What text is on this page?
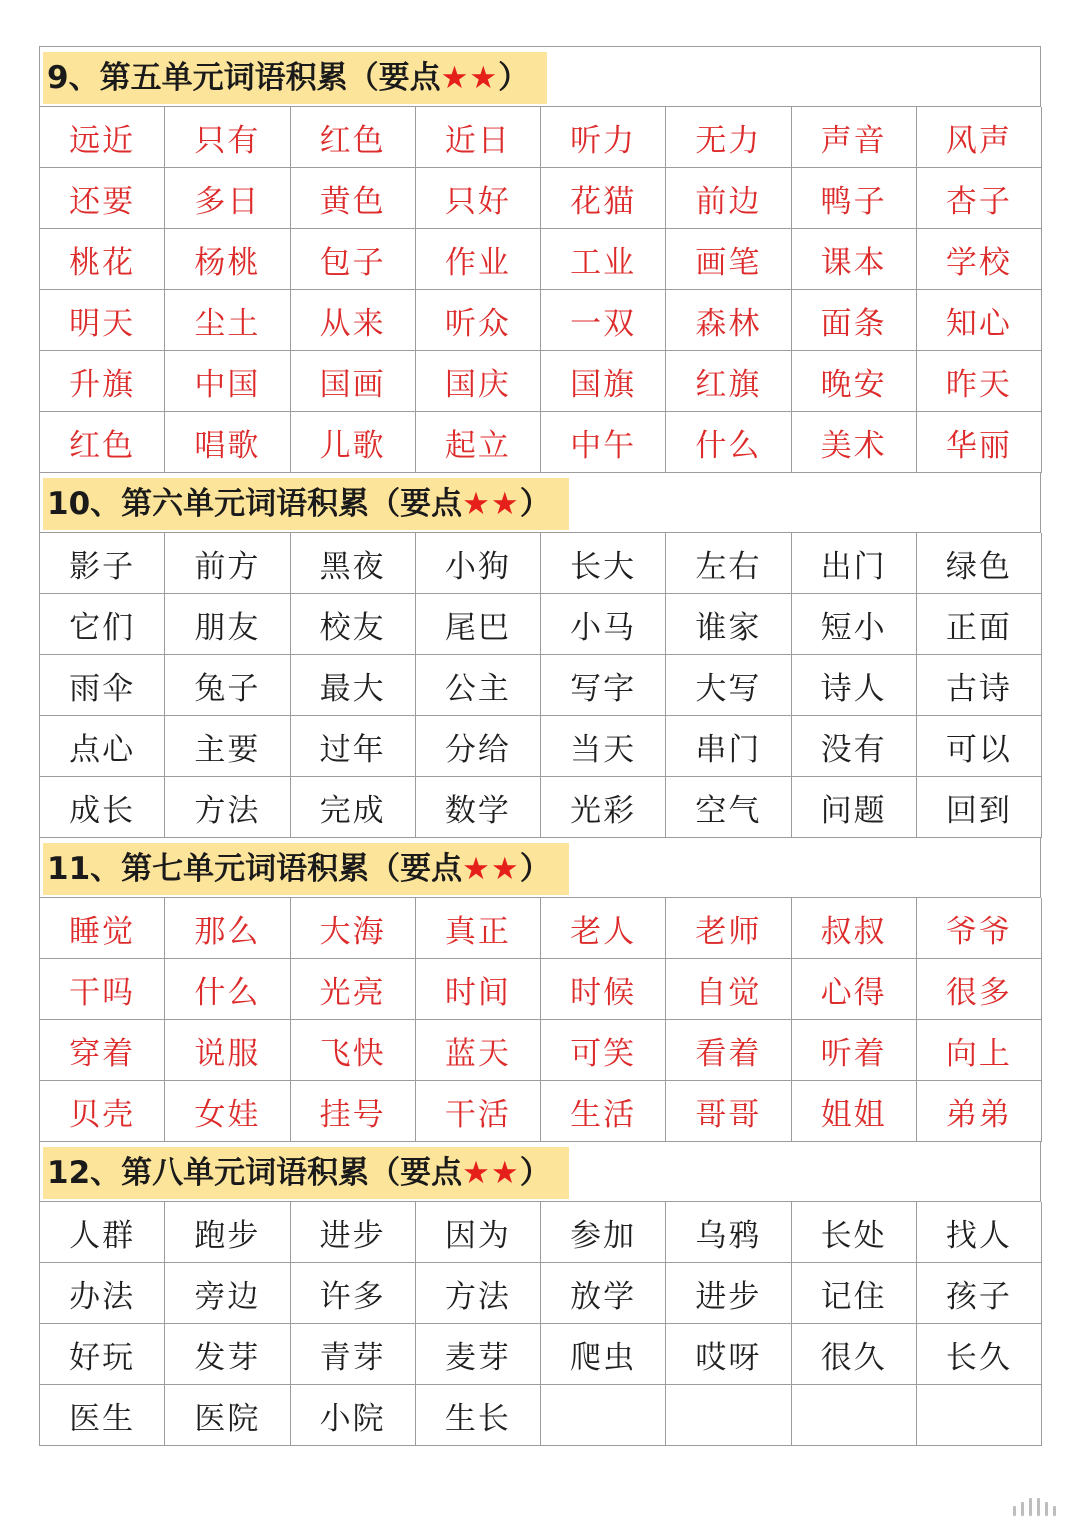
9、第五单元词语积累（要点★★）
远近	只有	红色	近日	听力	无力	声音	风声
还要	多日	黄色	只好	花猫	前边	鸭子	杏子
桃花	杨桃	包子	作业	工业	画笔	课本	学校
明天	尘土	从来	听众	一双	森林	面条	知心
升旗	中国	国画	国庆	国旗	红旗	晚安	昨天
红色	唱歌	儿歌	起立	中午	什么	美术	华丽
10、第六单元词语积累（要点★★）
影子	前方	黑夜	小狗	长大	左右	出门	绿色
它们	朋友	校友	尾巴	小马	谁家	短小	正面
雨伞	兔子	最大	公主	写字	大写	诗人	古诗
点心	主要	过年	分给	当天	串门	没有	可以
成长	方法	完成	数学	光彩	空气	问题	回到
11、第七单元词语积累（要点★★）
睡觉	那么	大海	真正	老人	老师	叔叔	爷爷
干吗	什么	光亮	时间	时候	自觉	心得	很多
穿着	说服	飞快	蓝天	可笑	看着	听着	向上
贝壳	女娃	挂号	干活	生活	哥哥	姐姐	弟弟
12、第八单元词语积累（要点★★）
人群	跑步	进步	因为	参加	乌鸦	长处	找人
办法	旁边	许多	方法	放学	进步	记住	孩子
好玩	发芽	青芽	麦芽	爬虫	哎呀	很久	长久
医生	医院	小院	生长
